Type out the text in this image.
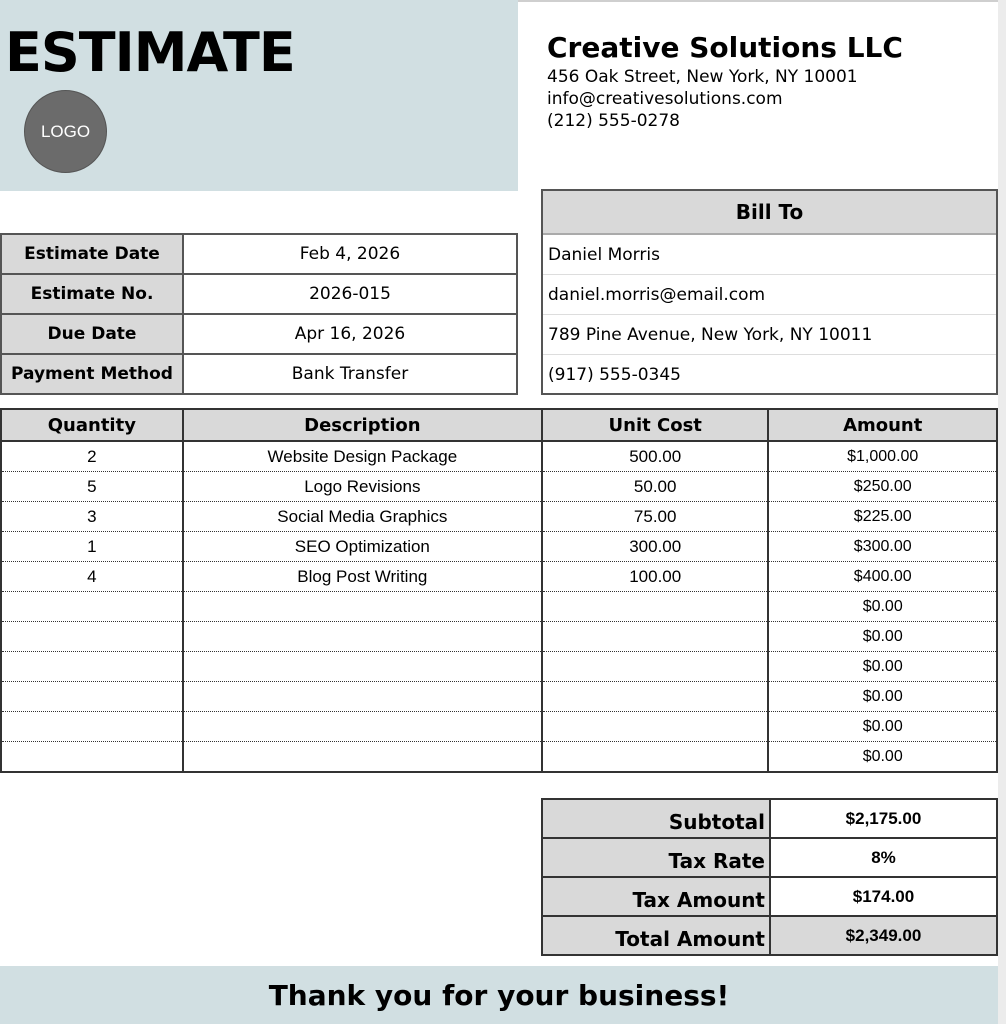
ESTIMATE
LOGO
Creative Solutions LLC
456 Oak Street, New York, NY 10001
info@creativesolutions.com
(212) 555-0278
Estimate Date	Feb 4, 2026
Estimate No.	2026-015
Due Date	Apr 16, 2026
Payment Method	Bank Transfer
Bill To
Daniel Morris
daniel.morris@email.com
789 Pine Avenue, New York, NY 10011
(917) 555-0345
Quantity	Description	Unit Cost	Amount
2	Website Design Package	500.00	$1,000.00
5	Logo Revisions	50.00	$250.00
3	Social Media Graphics	75.00	$225.00
1	SEO Optimization	300.00	$300.00
4	Blog Post Writing	100.00	$400.00
			$0.00
			$0.00
			$0.00
			$0.00
			$0.00
			$0.00
Subtotal	$2,175.00
Tax Rate	8%
Tax Amount	$174.00
Total Amount	$2,349.00
Thank you for your business!
